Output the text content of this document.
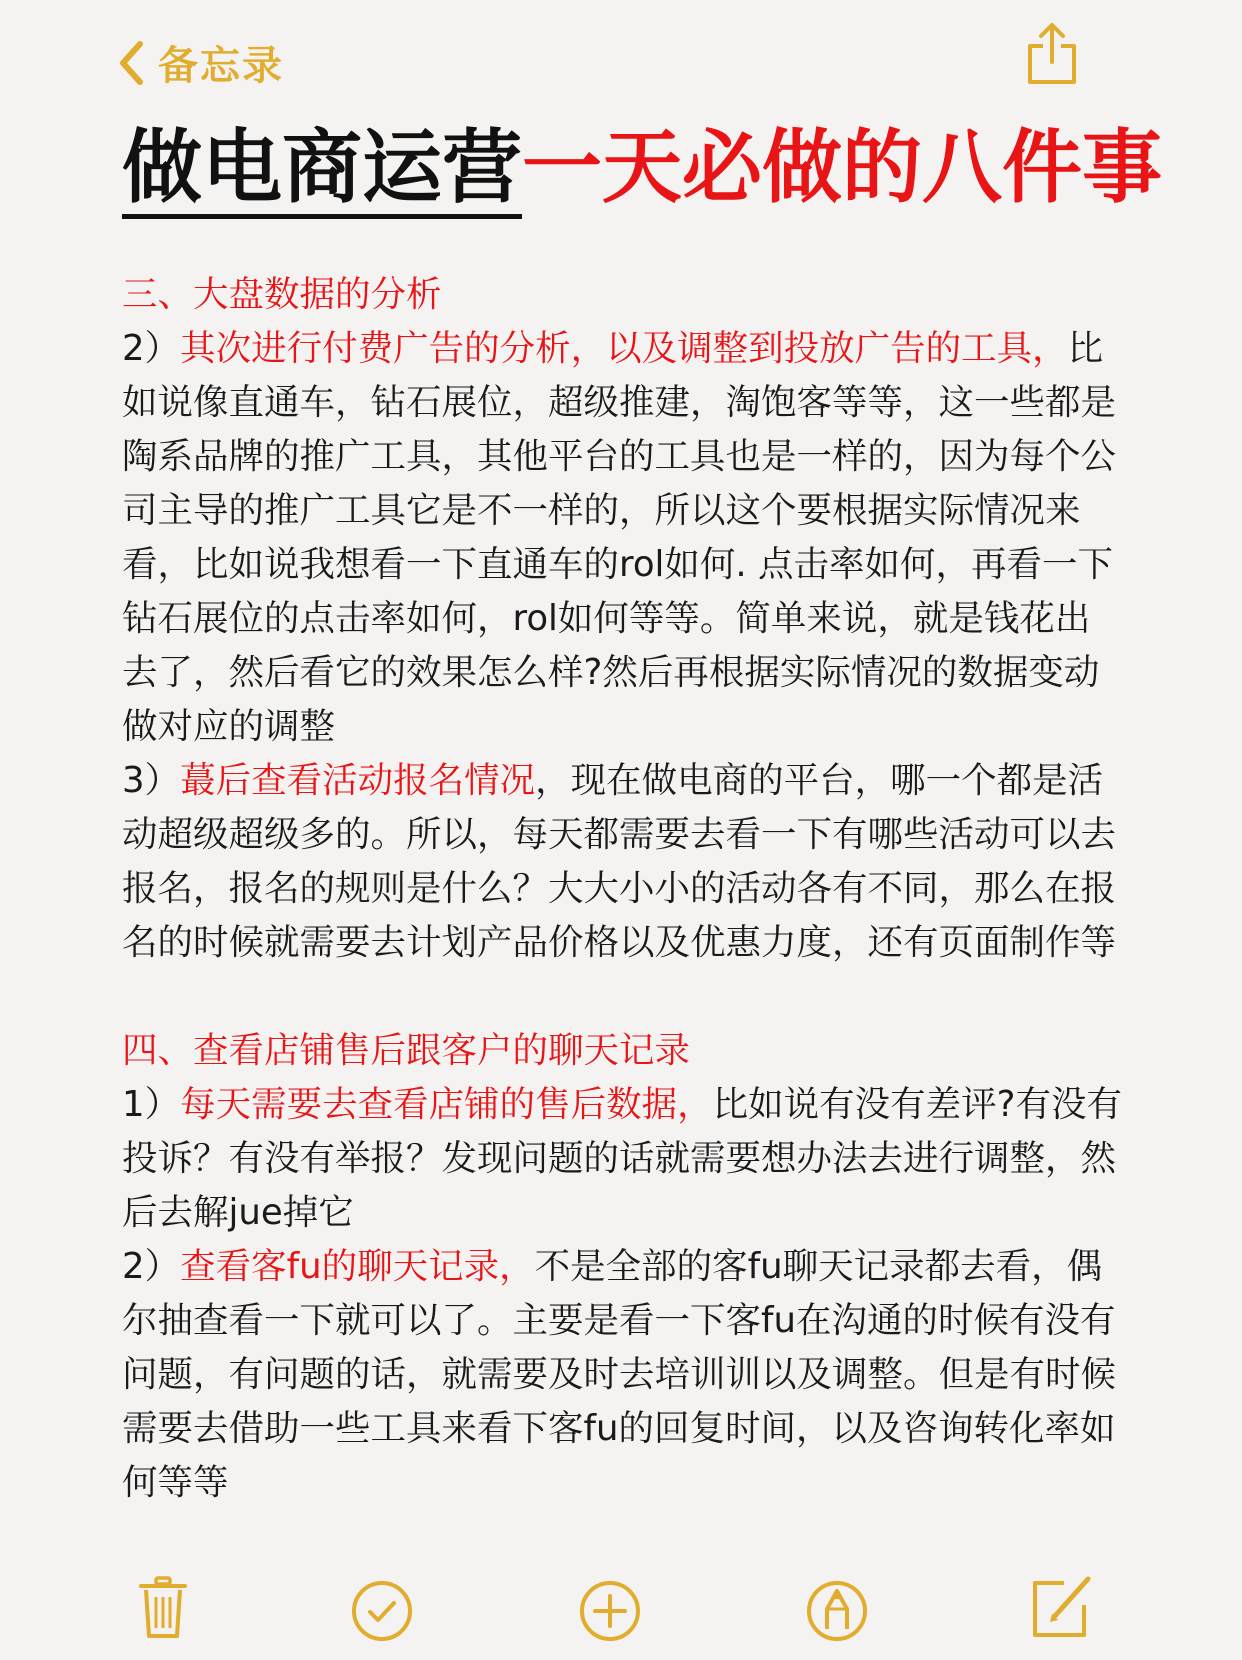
备忘录
做电商运营一天必做的八件事

三、大盘数据的分析

2）其次进行付费广告的分析，以及调整到投放广告的工具，比如说像直通车，钻石展位，超级推建，淘饱客等等，这一些都是陶系品牌的推广工具，其他平台的工具也是一样的，因为每个公司主导的推广工具它是不一样的，所以这个要根据实际情况来看，比如说我想看一下直通车的rol如何. 点击率如何，再看一下钻石展位的点击率如何，rol如何等等。简单来说，就是钱花出去了，然后看它的效果怎么样?然后再根据实际情况的数据变动做对应的调整

3）蕞后查看活动报名情况，现在做电商的平台，哪一个都是活动超级超级多的。所以，每天都需要去看一下有哪些活动可以去报名，报名的规则是什么？大大小小的活动各有不同，那么在报名的时候就需要去计划产品价格以及优惠力度，还有页面制作等

四、查看店铺售后跟客户的聊天记录

1）每天需要去查看店铺的售后数据，比如说有没有差评?有没有投诉？有没有举报？发现问题的话就需要想办法去进行调整，然后去解jue掉它

2）查看客fu的聊天记录，不是全部的客fu聊天记录都去看，偶尔抽查看一下就可以了。主要是看一下客fu在沟通的时候有没有问题，有问题的话，就需要及时去培训训以及调整。但是有时候需要去借助一些工具来看下客fu的回复时间，以及咨询转化率如何等等
